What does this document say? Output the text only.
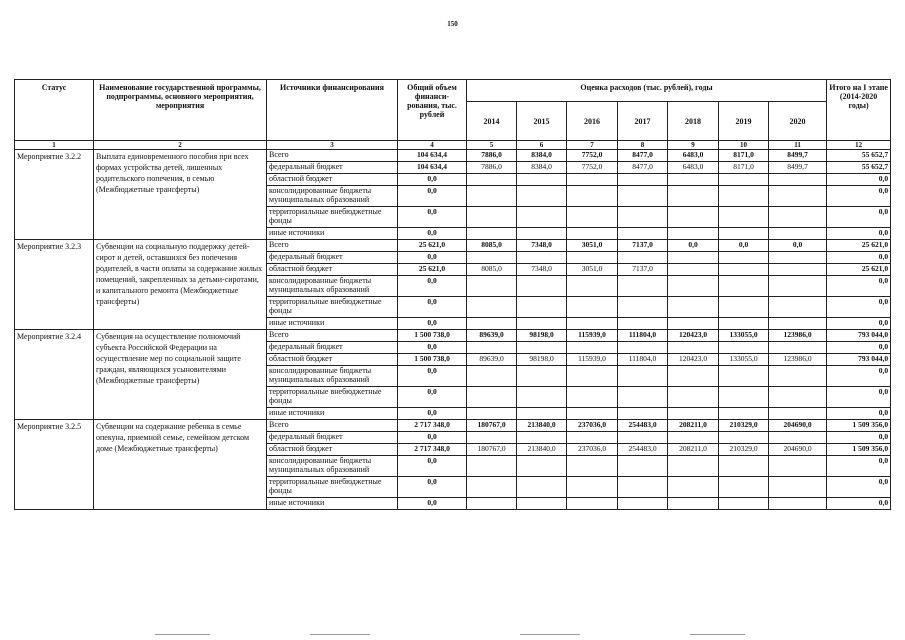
150
Статус	Наименование государственной программы, подпрограммы, основного мероприятия, мероприятия	Источники финансирования	Общий объем финанси-рования, тыс. рублей	Оценка расходов (тыс. рублей), годы							Итого на I этапе (2014-2020 годы)
				2014	2015	2016	2017	2018	2019	2020	
1	2	3	4	5	6	7	8	9	10	11	12
Мероприятие 3.2.2	Выплата единовременного пособия при всех формах устройства детей, лишенных родительского попечения, в семью (Межбюджетные трансферты)	Всего	104 634,4	7886,0	8384,0	7752,0	8477,0	6483,0	8171,0	8499,7	55 652,7
		федеральный бюджет	104 634,4	7886,0	8384,0	7752,0	8477,0	6483,0	8171,0	8499,7	55 652,7
		областной бюджет	0,0								0,0
		консолидированные бюджеты муниципальных образований	0,0								0,0
		территориальные внебюджетные фонды	0,0								0,0
		иные источники	0,0								0,0
Мероприятие 3.2.3	Субвенции на социальную поддержку детей-сирот и детей, оставшихся без попечения родителей, в части оплаты за содержание жилых помещений, закрепленных за детьми-сиротами, и капитального ремонта (Межбюджетные трансферты)	Всего	25 621,0	8085,0	7348,0	3051,0	7137,0	0,0	0,0	0,0	25 621,0
		федеральный бюджет	0,0								0,0
		областной бюджет	25 621,0	8085,0	7348,0	3051,0	7137,0				25 621,0
		консолидированные бюджеты муниципальных образований	0,0								0,0
		территориальные внебюджетные фонды	0,0								0,0
		иные источники	0,0								0,0
Мероприятие 3.2.4	Субвенция на осуществление полномочий субъекта Российской Федерации на осуществление мер по социальной защите граждан, являющихся усыновителями (Межбюджетные трансферты)	Всего	1 500 738,0	89639,0	98198,0	115939,0	111804,0	120423,0	133055,0	123986,0	793 044,0
		федеральный бюджет	0,0								0,0
		областной бюджет	1 500 738,0	89639,0	98198,0	115939,0	111804,0	120423,0	133055,0	123986,0	793 044,0
		консолидированные бюджеты муниципальных образований	0,0								0,0
		территориальные внебюджетные фонды	0,0								0,0
		иные источники	0,0								0,0
Мероприятие 3.2.5	Субвенции на содержание ребенка в семье опекуна, приемной семье, семейном детском доме (Межбюджетные трансферты)	Всего	2 717 348,0	180767,0	213840,0	237036,0	254483,0	208211,0	210329,0	204690,0	1 509 356,0
		федеральный бюджет	0,0								0,0
		областной бюджет	2 717 348,0	180767,0	213840,0	237036,0	254483,0	208211,0	210329,0	204690,0	1 509 356,0
		консолидированные бюджеты муниципальных образований	0,0								0,0
		территориальные внебюджетные фонды	0,0								0,0
		иные источники	0,0								0,0
